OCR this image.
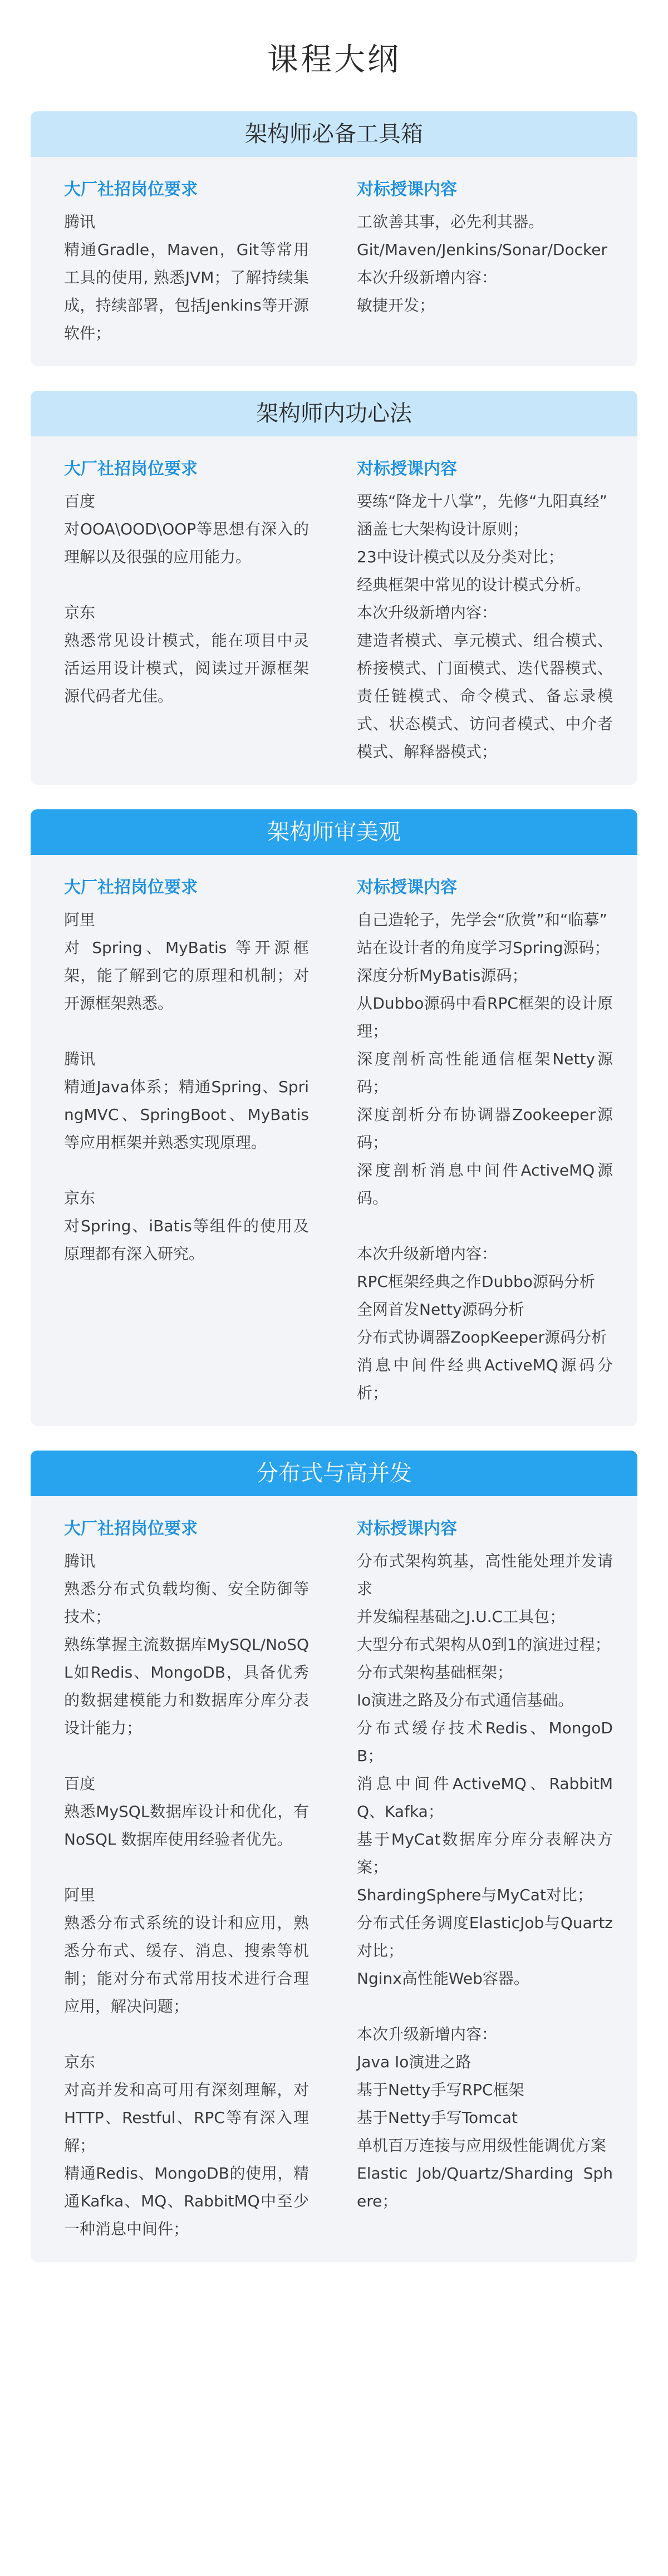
课程大纲
架构师必备工具箱
大厂社招岗位要求
腾讯
精通Gradle，Maven，Git等常用工具的使用, 熟悉JVM；了解持续集成，持续部署，包括Jenkins等开源软件；
对标授课内容
工欲善其事，必先利其器。
Git/Maven/Jenkins/Sonar/Docker
本次升级新增内容：
敏捷开发；
架构师内功心法
大厂社招岗位要求
百度
对OOA\OOD\OOP等思想有深入的理解以及很强的应用能力。
京东
熟悉常见设计模式，能在项目中灵活运用设计模式，阅读过开源框架源代码者尤佳。
对标授课内容
要练“降龙十八掌”，先修“九阳真经”
涵盖七大架构设计原则；
23中设计模式以及分类对比；
经典框架中常见的设计模式分析。
本次升级新增内容：
建造者模式、享元模式、组合模式、桥接模式、门面模式、迭代器模式、责任链模式、命令模式、备忘录模式、状态模式、访问者模式、中介者模式、解释器模式；
架构师审美观
大厂社招岗位要求
阿里
对 Spring、MyBatis 等开源框架，能了解到它的原理和机制；对开源框架熟悉。
腾讯
精通Java体系；精通Spring、SpringMVC、SpringBoot、MyBatis等应用框架并熟悉实现原理。
京东
对Spring、iBatis等组件的使用及原理都有深入研究。
对标授课内容
自己造轮子，先学会“欣赏”和“临摹”
站在设计者的角度学习Spring源码；
深度分析MyBatis源码；
从Dubbo源码中看RPC框架的设计原理；
深度剖析高性能通信框架Netty源码；
深度剖析分布协调器Zookeeper源码；
深度剖析消息中间件ActiveMQ源码。
本次升级新增内容：
RPC框架经典之作Dubbo源码分析
全网首发Netty源码分析
分布式协调器ZoopKeeper源码分析
消息中间件经典ActiveMQ源码分析；
分布式与高并发
大厂社招岗位要求
腾讯
熟悉分布式负载均衡、安全防御等技术；
熟练掌握主流数据库MySQL/NoSQL如Redis、MongoDB，具备优秀的数据建模能力和数据库分库分表设计能力；
百度
熟悉MySQL数据库设计和优化，有NoSQL 数据库使用经验者优先。
阿里
熟悉分布式系统的设计和应用，熟悉分布式、缓存、消息、搜索等机制；能对分布式常用技术进行合理应用，解决问题；
京东
对高并发和高可用有深刻理解，对HTTP、Restful、RPC等有深入理解；
精通Redis、MongoDB的使用，精通Kafka、MQ、RabbitMQ中至少一种消息中间件；
对标授课内容
分布式架构筑基，高性能处理并发请求
并发编程基础之J.U.C工具包；
大型分布式架构从0到1的演进过程；
分布式架构基础框架；
Io演进之路及分布式通信基础。
分布式缓存技术Redis、MongoDB；
消息中间件ActiveMQ、RabbitMQ、Kafka；
基于MyCat数据库分库分表解决方案；
ShardingSphere与MyCat对比；
分布式任务调度ElasticJob与Quartz对比；
Nginx高性能Web容器。
本次升级新增内容：
Java Io演进之路
基于Netty手写RPC框架
基于Netty手写Tomcat
单机百万连接与应用级性能调优方案
Elastic Job/Quartz/Sharding Sphere；
